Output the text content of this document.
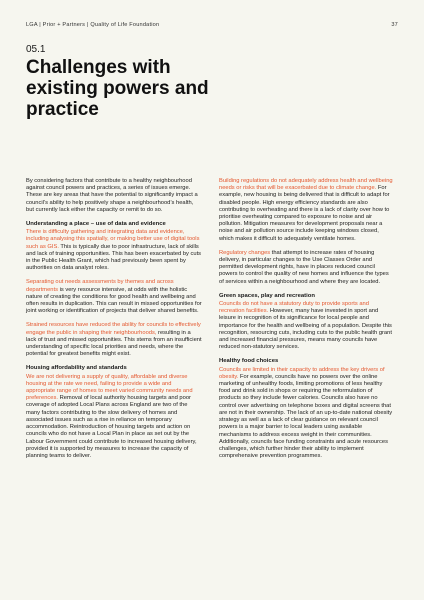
LGA | Prior + Partners | Quality of Life Foundation	37
05.1
Challenges with existing powers and practice

By considering factors that contribute to a healthy neighbourhood against council powers and practices, a series of issues emerge. These are key areas that have the potential to significantly impact a council’s ability to help positively shape a neighbourhood’s health, but currently lack either the capacity or remit to do so.

Understanding a place – use of data and evidence

There is difficulty gathering and integrating data and evidence, including analysing this spatially, or making better use of digital tools such as GIS. This is typically due to poor infrastructure, lack of skills and lack of training opportunities. This has been exacerbated by cuts in the Public Health Grant, which had previously been spent by authorities on data analyst roles.

Separating out needs assessments by themes and across departments is very resource intensive, at odds with the holistic nature of creating the conditions for good health and wellbeing and often results in duplication. This can result in missed opportunities for joint working or identification of projects that deliver shared benefits.

Strained resources have reduced the ability for councils to effectively engage the public in shaping their neighbourhoods, resulting in a lack of trust and missed opportunities. This stems from an insufficient understanding of specific local priorities and needs, where the potential for greatest benefits might exist.

Housing affordability and standards

We are not delivering a supply of quality, affordable and diverse housing at the rate we need, failing to provide a wide and appropriate range of homes to meet varied community needs and preferences. Removal of local authority housing targets and poor coverage of adopted Local Plans across England are two of the many factors contributing to the slow delivery of homes and associated issues such as a rise in reliance on temporary accommodation. Reintroduction of housing targets and action on councils who do not have a Local Plan in place as set out by the Labour Government could contribute to increased housing delivery, provided it is supported by measures to increase the capacity of planning teams to deliver.

Building regulations do not adequately address health and wellbeing needs or risks that will be exacerbated due to climate change. For example, new housing is being delivered that is difficult to adapt for disabled people. High energy efficiency standards are also contributing to overheating and there is a lack of clarity over how to prioritise overheating compared to exposure to noise and air pollution. Mitigation measures for development proposals near a noise and air pollution source include keeping windows closed, which makes it difficult to adequately ventilate homes.

Regulatory changes that attempt to increase rates of housing delivery, in particular changes to the Use Classes Order and permitted development rights, have in places reduced council powers to control the quality of new homes and influence the types of services within a neighbourhood and where they are located.

Green spaces, play and recreation

Councils do not have a statutory duty to provide sports and recreation facilities. However, many have invested in sport and leisure in recognition of its significance for local people and importance for the health and wellbeing of a population. Despite this recognition, resourcing cuts, including cuts to the public health grant and increased financial pressures, means many councils have reduced non-statutory services.

Healthy food choices

Councils are limited in their capacity to address the key drivers of obesity. For example, councils have no powers over the online marketing of unhealthy foods, limiting promotions of less healthy food and drink sold in shops or requiring the reformulation of products so they include fewer calories. Councils also have no control over advertising on telephone boxes and digital screens that are not in their ownership. The lack of an up-to-date national obesity strategy as well as a lack of clear guidance on relevant council powers is a major barrier to local leaders using available mechanisms to address excess weight in their communities. Additionally, councils face funding constraints and acute resources challenges, which further hinder their ability to implement comprehensive prevention programmes.
